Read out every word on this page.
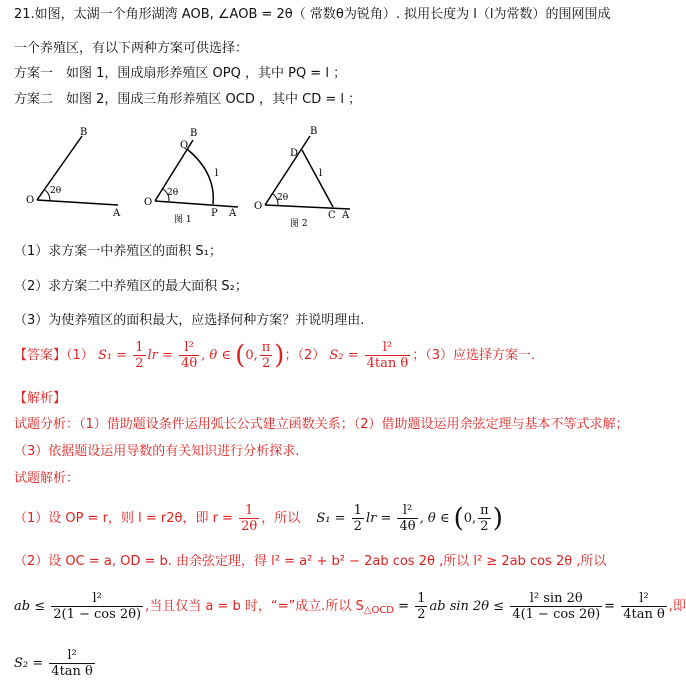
21.如图，太湖一个角形湖湾 AOB, ∠AOB = 2θ（ 常数θ为锐角）. 拟用长度为 l（l为常数）的围网围成
一个养殖区，有以下两种方案可供选择：
方案一　如图 1，围成扇形养殖区 OPQ ，其中 PQ = l ；
方案二　如图 2，围成三角形养殖区 OCD ，其中 CD = l ；
B
2θ
O
A
B
Q
2θ
l
O
P A
图 1
D
B
2θ
l
O
C A
图 2
（1）求方案一中养殖区的面积 S₁；
（2）求方案二中养殖区的最大面积 S₂；
（3）为使养殖区的面积最大，应选择何种方案？并说明理由.
【答案】（1） $S_1 = \frac{1}{2}$ lr = $\frac{\text{l²}}{4\theta}$ , θ ∈ (0, $\frac{\pi}{2}$ )；（2） $S_2 = \frac{\text{l²}}{\text{4tan θ}}$ ；（3）应选择方案一.
【解析】
试题分析：（1）借助题设条件运用弧长公式建立函数关系；（2）借助题设运用余弦定理与基本不等式求解；
（3）依据题设运用导数的有关知识进行分析探求.
试题解析：
（1）设 OP = r，则 l = r2θ，即 $r = \frac{1}{2\theta}$ ，所以 $S_1 = \frac{1}{2}$ lr = $\frac{\text{l²}}{4\theta}$ , θ ∈ (0, $\frac{\pi}{2}$ )
（2）设 OC = a, OD = b. 由余弦定理，得 l² = a² + b² − 2ab cos 2θ ,所以 l² ≥ 2ab cos 2θ ,所以
ab ≤ $\frac{\text{l²}}{2(1 - \cos 2\theta)}$ ,当且仅当 a = b 时，“=”成立.所以 $S_{\triangle OCD} = \frac{1}{2}$ ab $\sin 2\theta \le \frac{\text{l² sin 2θ}}{4(1 - \cos 2\theta)} = \frac{\text{l²}}{\text{4tan θ}}$ ,即
$S_2 = \frac{\text{l²}}{\text{4tan θ}}$
